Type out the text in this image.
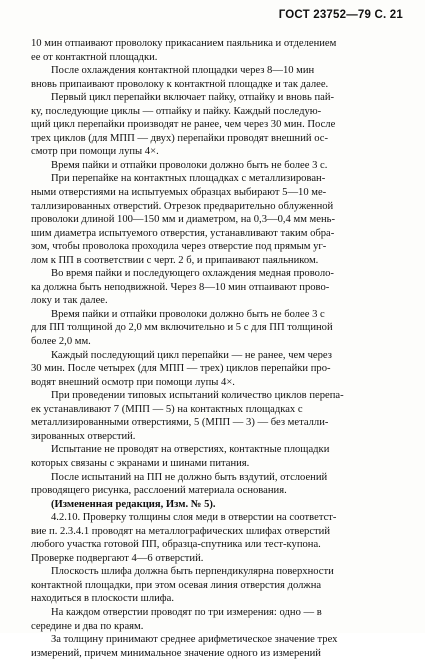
ГОСТ 23752—79 С. 21

10 мин отпаивают проволоку прикасанием паяльника и отделением

ее от контактной площадки.

После охлаждения контактной площадки через 8—10 мин

вновь припаивают проволоку к контактной площадке и так далее.

Первый цикл перепайки включает пайку, отпайку и вновь пай-

ку, последующие циклы — отпайку и пайку. Каждый последую-

щий цикл перепайки производят не ранее, чем через 30 мин. После

трех циклов (для МПП — двух) перепайки проводят внешний ос-

смотр при помощи лупы 4×.

Время пайки и отпайки проволоки должно быть не более 3 с.

При перепайке на контактных площадках с металлизирован-

ными отверстиями на испытуемых образцах выбирают 5—10 ме-

таллизированных отверстий. Отрезок предварительно облуженной

проволоки длиной 100—150 мм и диаметром, на 0,3—0,4 мм мень-

шим диаметра испытуемого отверстия, устанавливают таким обра-

зом, чтобы проволока проходила через отверстие под прямым уг-

лом к ПП в соответствии с черт. 2 б, и припаивают паяльником.

Во время пайки и последующего охлаждения медная проволо-

ка должна быть неподвижной. Через 8—10 мин отпаивают прово-

локу и так далее.

Время пайки и отпайки проволоки должно быть не более 3 с

для ПП толщиной до 2,0 мм включительно и 5 с для ПП толщиной

более 2,0 мм.

Каждый последующий цикл перепайки — не ранее, чем через

30 мин. После четырех (для МПП — трех) циклов перепайки про-

водят внешний осмотр при помощи лупы 4×.

При проведении типовых испытаний количество циклов перепа-

ек устанавливают 7 (МПП — 5) на контактных площадках с

металлизированными отверстиями, 5 (МПП — 3) — без металли-

зированных отверстий.

Испытание не проводят на отверстиях, контактные площадки

которых связаны с экранами и шинами питания.

После испытаний на ПП не должно быть вздутий, отслоений

проводящего рисунка, расслоений материала основания.

(Измененная редакция, Изм. № 5).

4.2.10. Проверку толщины слоя меди в отверстии на соответст-

вие п. 2.3.4.1 проводят на металлографических шлифах отверстий

любого участка готовой ПП, образца-спутника или тест-купона.

Проверке подвергают 4—6 отверстий.

Плоскость шлифа должна быть перпендикулярна поверхности

контактной площадки, при этом осевая линия отверстия должна

находиться в плоскости шлифа.

На каждом отверстии проводят по три измерения: одно — в

середине и два по краям.

За толщину принимают среднее арифметическое значение трех

измерений, причем минимальное значение одного из измерений
